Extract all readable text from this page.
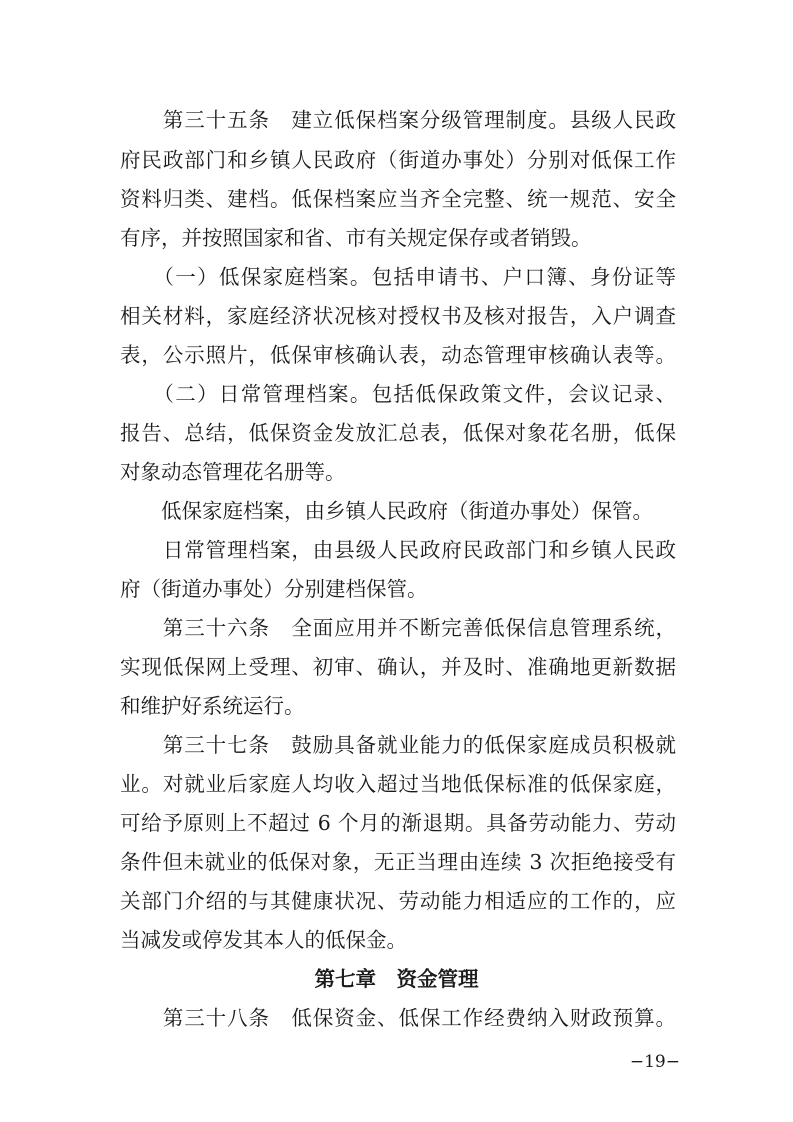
　　第三十五条　建立低保档案分级管理制度。县级人民政
府民政部门和乡镇人民政府（街道办事处）分别对低保工作
资料归类、建档。低保档案应当齐全完整、统一规范、安全
有序，并按照国家和省、市有关规定保存或者销毁。
　　（一）低保家庭档案。包括申请书、户口簿、身份证等
相关材料，家庭经济状况核对授权书及核对报告，入户调查
表，公示照片，低保审核确认表，动态管理审核确认表等。
　　（二）日常管理档案。包括低保政策文件，会议记录、
报告、总结，低保资金发放汇总表，低保对象花名册，低保
对象动态管理花名册等。
　　低保家庭档案，由乡镇人民政府（街道办事处）保管。
　　日常管理档案，由县级人民政府民政部门和乡镇人民政
府（街道办事处）分别建档保管。
　　第三十六条　全面应用并不断完善低保信息管理系统，
实现低保网上受理、初审、确认，并及时、准确地更新数据
和维护好系统运行。
　　第三十七条　鼓励具备就业能力的低保家庭成员积极就
业。对就业后家庭人均收入超过当地低保标准的低保家庭，
可给予原则上不超过 6 个月的渐退期。具备劳动能力、劳动
条件但未就业的低保对象，无正当理由连续 3 次拒绝接受有
关部门介绍的与其健康状况、劳动能力相适应的工作的，应
当减发或停发其本人的低保金。
第七章　资金管理
　　第三十八条　低保资金、低保工作经费纳入财政预算。
−19−
